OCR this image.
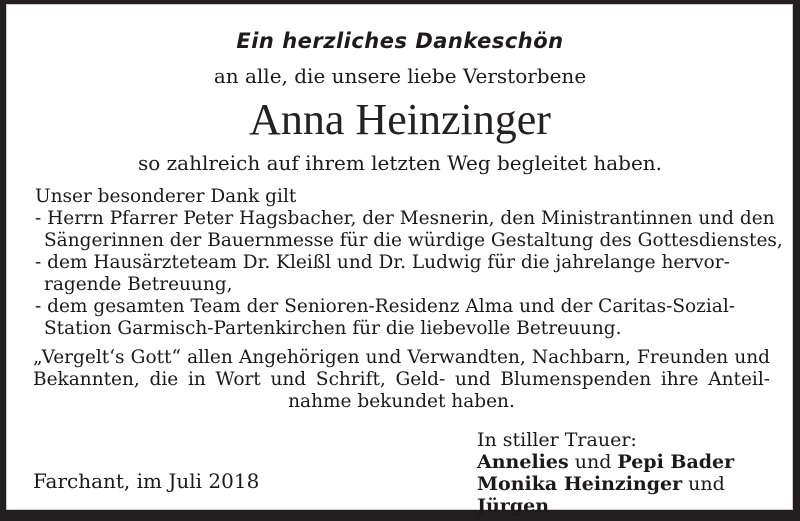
Ein herzliches Dankeschön
an alle, die unsere liebe Verstorbene
Anna Heinzinger
so zahlreich auf ihrem letzten Weg begleitet haben.
Unser besonderer Dank gilt
- Herrn Pfarrer Peter Hagsbacher, der Mesnerin, den Ministrantinnen und den
Sängerinnen der Bauernmesse für die würdige Gestaltung des Gottesdienstes,
- dem Hausärzteteam Dr. Kleißl und Dr. Ludwig für die jahrelange hervor-
ragende Betreuung,
- dem gesamten Team der Senioren-Residenz Alma und der Caritas-Sozial-
Station Garmisch-Partenkirchen für die liebevolle Betreuung.
„Vergelt‘s Gott“ allen Angehörigen und Verwandten, Nachbarn, Freunden und
Bekannten, die in Wort und Schrift, Geld- und Blumenspenden ihre Anteil-
nahme bekundet haben.
In stiller Trauer:
Annelies und Pepi Bader
Monika Heinzinger und Jürgen
Farchant, im Juli 2018
